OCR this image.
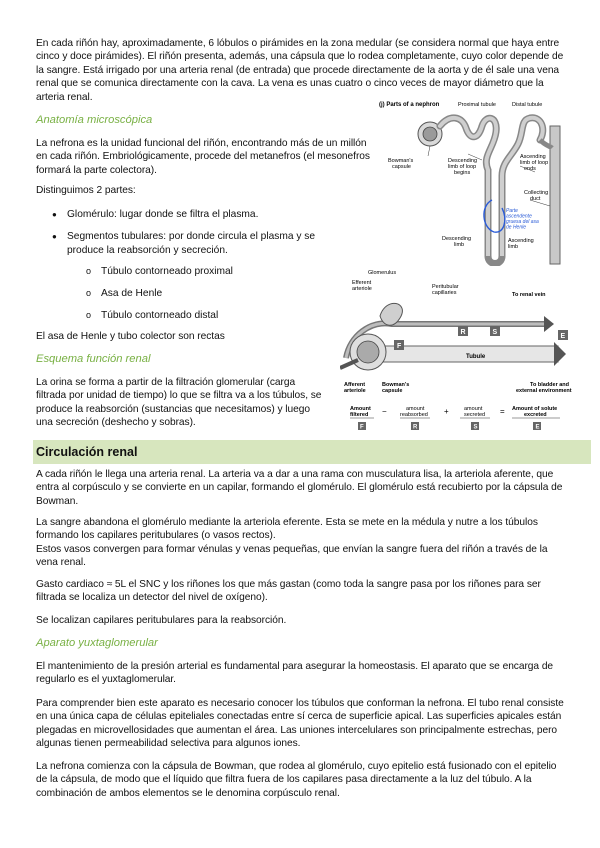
En cada riñón hay, aproximadamente, 6 lóbulos o pirámides en la zona medular (se considera normal que haya entre cinco y doce pirámides). El riñón presenta, además, una cápsula que lo rodea completamente, cuyo color depende de la sangre. Está irrigado por una arteria renal (de entrada) que procede directamente de la aorta y de él sale una vena renal que se comunica directamente con la cava. La vena es unas cuatro o cinco veces de mayor diámetro que la arteria renal.

Anatomía microscópica

La nefrona es la unidad funcional del riñón, encontrando más de un millón en cada riñón. Embriológicamente, procede del metanefros (el mesonefros formará la parte colectora).

Distinguimos 2 partes:

● Glomérulo: lugar donde se filtra el plasma.
● Segmentos tubulares: por donde circula el plasma y se produce la reabsorción y secreción.
o Túbulo contorneado proximal
o Asa de Henle
o Túbulo contorneado distal

El asa de Henle y tubo colector son rectas

Esquema función renal

La orina se forma a partir de la filtración glomerular (carga filtrada por unidad de tiempo) lo que se filtra va a los túbulos, se produce la reabsorción (sustancias que necesitamos) y luego una secreción (deshecho y sobras).

(j) Parts of a nephron	Proximal tubule	Distal tubule
Bowman's capsule
Descending limb of loop begins
Ascending limb of loop ends
Collecting duct
Descending limb
Ascending limb
Parte ascendente gruesa del asa de Henle
Glomerulus
Efferent arteriole	Peritubular capillaries	To renal vein
Tubule
F
R	S
E
Afferent arteriole
Bowman's capsule
To bladder and external environment
Amount filtered
F
−	amount reabsorbed
R
+	amount secreted
S
= Amount of solute excreted
E
Circulación renal

A cada riñón le llega una arteria renal. La arteria va a dar a una rama con musculatura lisa, la arteriola aferente, que entra al corpúsculo y se convierte en un capilar, formando el glomérulo. El glomérulo está recubierto por la cápsula de Bowman.

La sangre abandona el glomérulo mediante la arteriola eferente. Esta se mete en la médula y nutre a los túbulos formando los capilares peritubulares (o vasos rectos).

Estos vasos convergen para formar vénulas y venas pequeñas, que envían la sangre fuera del riñón a través de la vena renal.

Gasto cardiaco ≈ 5L el SNC y los riñones los que más gastan (como toda la sangre pasa por los riñones para ser filtrada se localiza un detector del nivel de oxígeno).

Se localizan capilares peritubulares para la reabsorción.

Aparato yuxtaglomerular

El mantenimiento de la presión arterial es fundamental para asegurar la homeostasis. El aparato que se encarga de regularlo es el yuxtaglomerular.

Para comprender bien este aparato es necesario conocer los túbulos que conforman la nefrona. El tubo renal consiste en una única capa de células epiteliales conectadas entre sí cerca de superficie apical. Las superficies apicales están plegadas en microvellosidades que aumentan el área. Las uniones intercelulares son principalmente estrechas, pero algunas tienen permeabilidad selectiva para algunos iones.

La nefrona comienza con la cápsula de Bowman, que rodea al glomérulo, cuyo epitelio está fusionado con el epitelio de la cápsula, de modo que el líquido que filtra fuera de los capilares pasa directamente a la luz del túbulo. A la combinación de ambos elementos se le denomina corpúsculo renal.
